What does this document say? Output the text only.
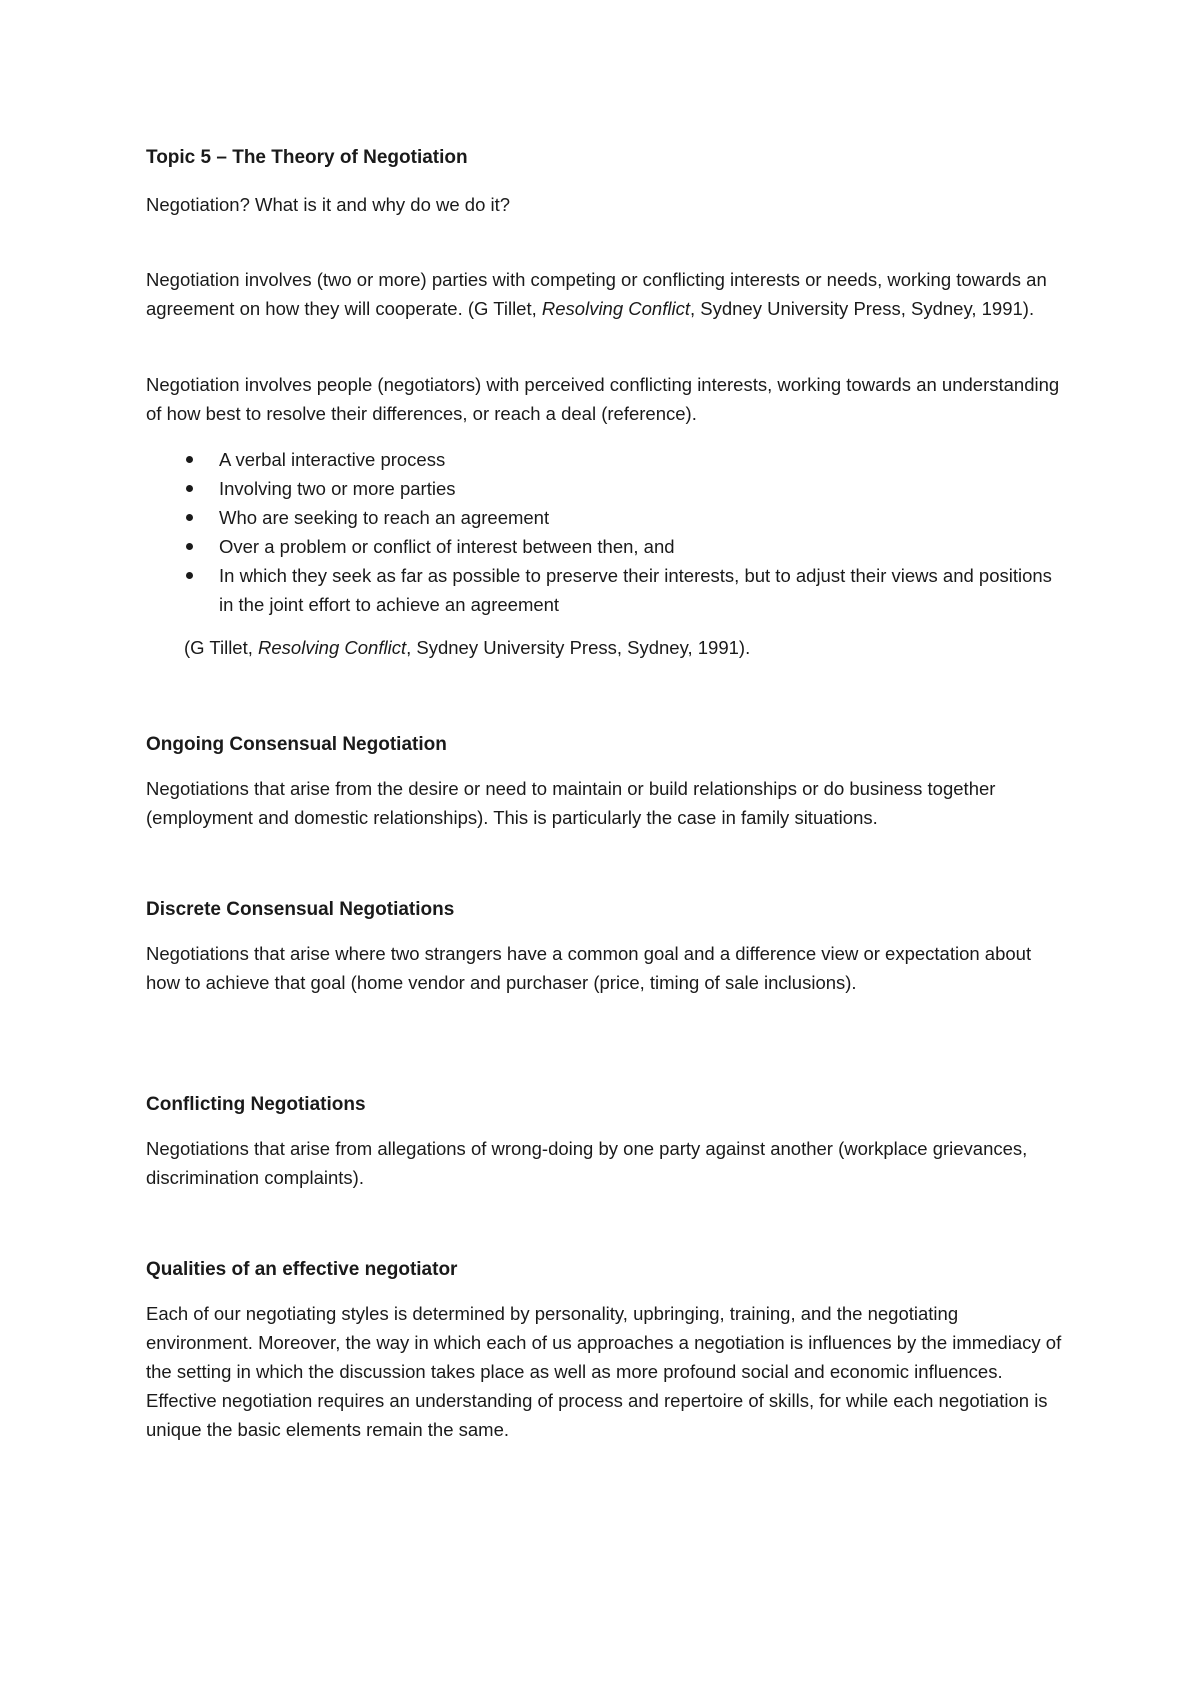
Topic 5 – The Theory of Negotiation

Negotiation? What is it and why do we do it?

Negotiation involves (two or more) parties with competing or conflicting interests or needs, working towards an agreement on how they will cooperate. (G Tillet, Resolving Conflict, Sydney University Press, Sydney, 1991).

Negotiation involves people (negotiators) with perceived conflicting interests, working towards an understanding of how best to resolve their differences, or reach a deal (reference).

A verbal interactive process
Involving two or more parties
Who are seeking to reach an agreement
Over a problem or conflict of interest between then, and
In which they seek as far as possible to preserve their interests, but to adjust their views and positions in the joint effort to achieve an agreement

(G Tillet, Resolving Conflict, Sydney University Press, Sydney, 1991).

Ongoing Consensual Negotiation

Negotiations that arise from the desire or need to maintain or build relationships or do business together (employment and domestic relationships). This is particularly the case in family situations.

Discrete Consensual Negotiations

Negotiations that arise where two strangers have a common goal and a difference view or expectation about how to achieve that goal (home vendor and purchaser (price, timing of sale inclusions).

Conflicting Negotiations

Negotiations that arise from allegations of wrong-doing by one party against another (workplace grievances, discrimination complaints).

Qualities of an effective negotiator

Each of our negotiating styles is determined by personality, upbringing, training, and the negotiating environment. Moreover, the way in which each of us approaches a negotiation is influences by the immediacy of the setting in which the discussion takes place as well as more profound social and economic influences. Effective negotiation requires an understanding of process and repertoire of skills, for while each negotiation is unique the basic elements remain the same.
